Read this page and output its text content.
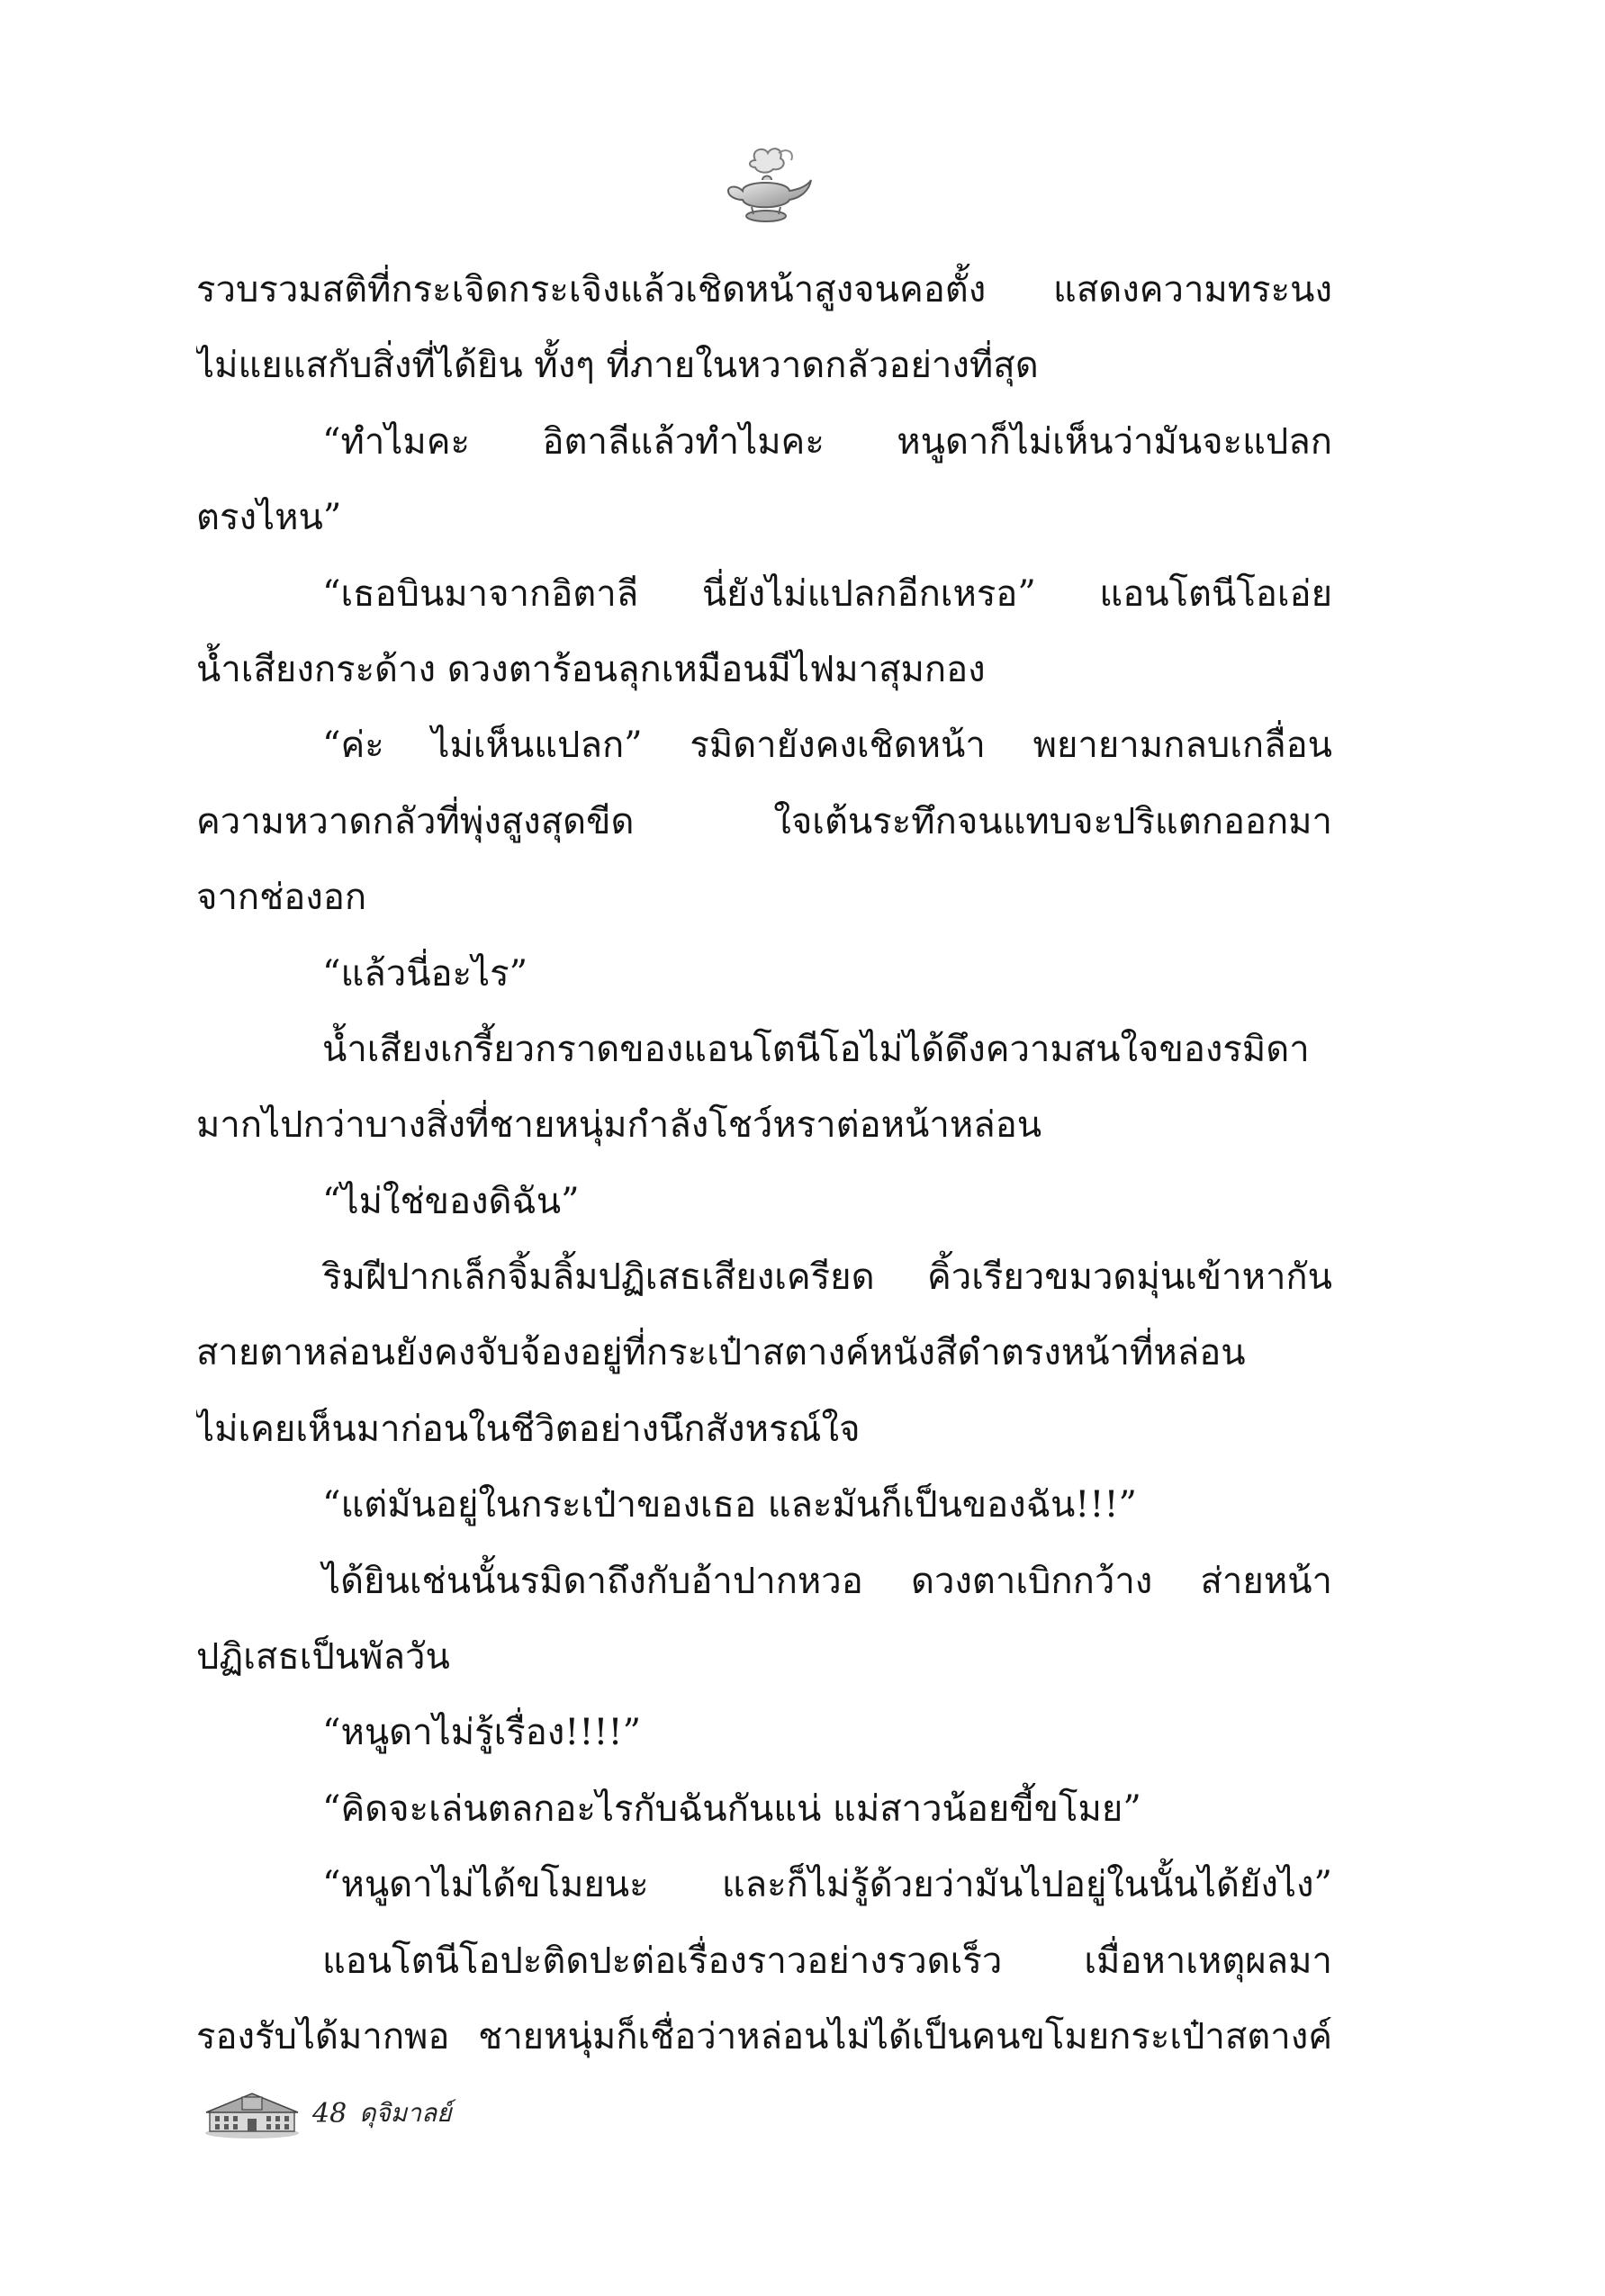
รวบรวมสติที่กระเจิดกระเจิงแล้วเชิดหน้าสูงจนคอตั้ง แสดงความทระนง
ไม่แยแสกับสิ่งที่ได้ยิน ทั้งๆ ที่ภายในหวาดกลัวอย่างที่สุด
“ทำไมคะ อิตาลีแล้วทำไมคะ หนูดาก็ไม่เห็นว่ามันจะแปลก
ตรงไหน”
“เธอบินมาจากอิตาลี นี่ยังไม่แปลกอีกเหรอ” แอนโตนีโอเอ่ย
น้ำเสียงกระด้าง ดวงตาร้อนลุกเหมือนมีไฟมาสุมกอง
“ค่ะ ไม่เห็นแปลก” รมิดายังคงเชิดหน้า พยายามกลบเกลื่อน
ความหวาดกลัวที่พุ่งสูงสุดขีด ใจเต้นระทึกจนแทบจะปริแตกออกมา
จากช่องอก
“แล้วนี่อะไร”
น้ำเสียงเกรี้ยวกราดของแอนโตนีโอไม่ได้ดึงความสนใจของรมิดา
มากไปกว่าบางสิ่งที่ชายหนุ่มกำลังโชว์หราต่อหน้าหล่อน
“ไม่ใช่ของดิฉัน”
ริมฝีปากเล็กจิ้มลิ้มปฏิเสธเสียงเครียด คิ้วเรียวขมวดมุ่นเข้าหากัน
สายตาหล่อนยังคงจับจ้องอยู่ที่กระเป๋าสตางค์หนังสีดำตรงหน้าที่หล่อน
ไม่เคยเห็นมาก่อนในชีวิตอย่างนึกสังหรณ์ใจ
“แต่มันอยู่ในกระเป๋าของเธอ และมันก็เป็นของฉัน!!!”
ได้ยินเช่นนั้นรมิดาถึงกับอ้าปากหวอ ดวงตาเบิกกว้าง ส่ายหน้า
ปฏิเสธเป็นพัลวัน
“หนูดาไม่รู้เรื่อง!!!!”
“คิดจะเล่นตลกอะไรกับฉันกันแน่ แม่สาวน้อยขี้ขโมย”
“หนูดาไม่ได้ขโมยนะ และก็ไม่รู้ด้วยว่ามันไปอยู่ในนั้นได้ยังไง”
แอนโตนีโอปะติดปะต่อเรื่องราวอย่างรวดเร็ว เมื่อหาเหตุผลมา
รองรับได้มากพอ ชายหนุ่มก็เชื่อว่าหล่อนไม่ได้เป็นคนขโมยกระเป๋าสตางค์
48 ดุจิมาลย์
